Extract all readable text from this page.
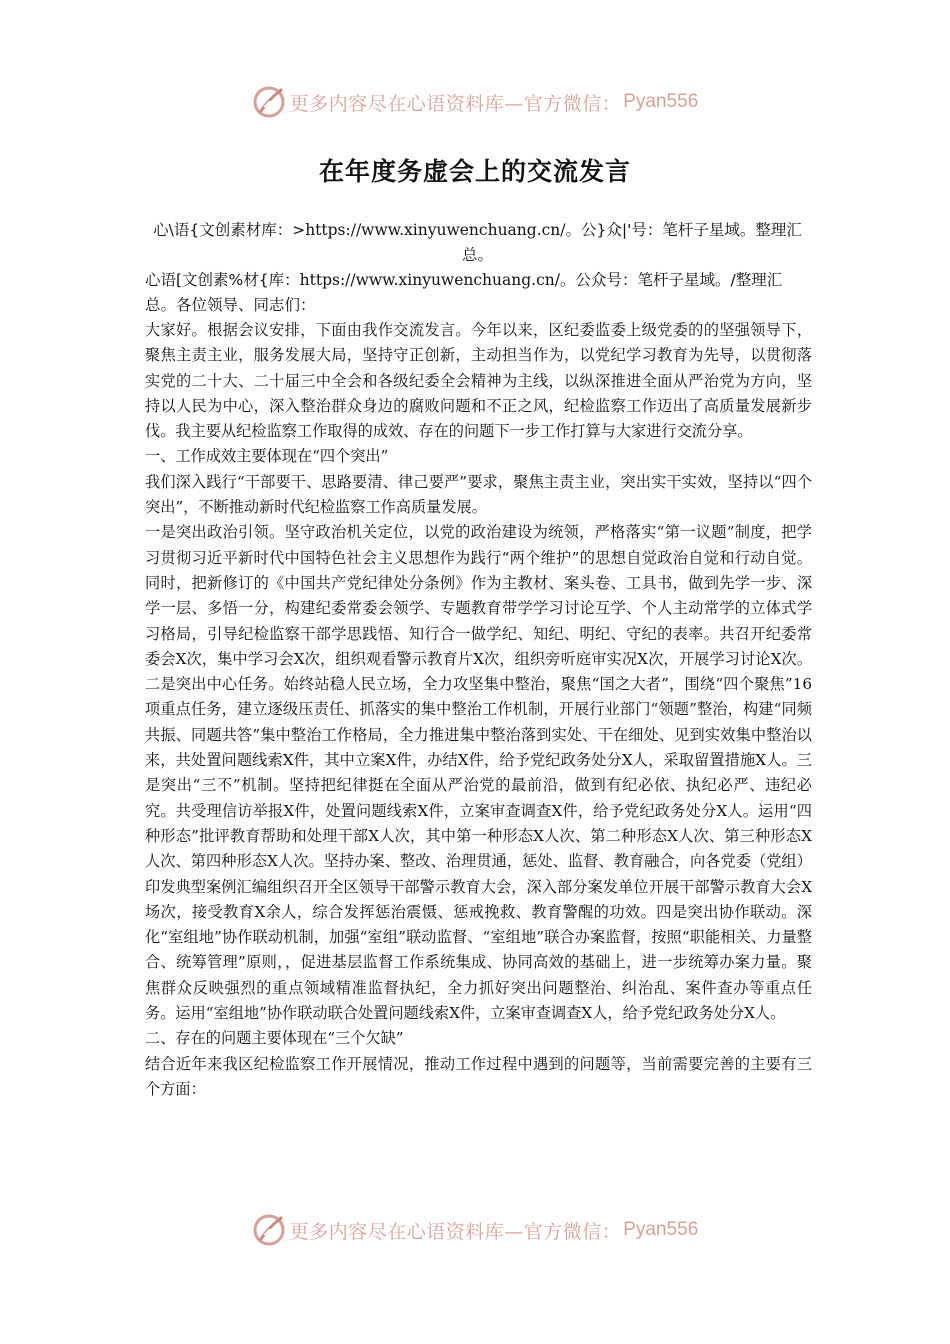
更多内容尽在心语资料库—官方微信： Pyan556
在年度务虚会上的交流发言
心\语{文创素材库：>https://www.xinyuwenchuang.cn/。公}众|'号：笔杆子星域。整理汇总。
心语[文创素%材{库：https://www.xinyuwenchuang.cn/。公众号：笔杆子星域。/整理汇总。各位领导、同志们：

大家好。根据会议安排，下面由我作交流发言。今年以来，区纪委监委上级党委的的坚强领导下，聚焦主责主业，服务发展大局，坚持守正创新，主动担当作为，以党纪学习教育为先导，以贯彻落实党的二十大、二十届三中全会和各级纪委全会精神为主线，以纵深推进全面从严治党为方向，坚持以人民为中心，深入整治群众身边的腐败问题和不正之风，纪检监察工作迈出了高质量发展新步伐。我主要从纪检监察工作取得的成效、存在的问题下一步工作打算与大家进行交流分享。

一、工作成效主要体现在“四个突出”

我们深入践行“干部要干、思路要清、律己要严”要求，聚焦主责主业，突出实干实效，坚持以“四个突出”，不断推动新时代纪检监察工作高质量发展。

一是突出政治引领。坚守政治机关定位，以党的政治建设为统领，严格落实“第一议题”制度，把学习贯彻习近平新时代中国特色社会主义思想作为践行“两个维护”的思想自觉政治自觉和行动自觉。同时，把新修订的《中国共产党纪律处分条例》作为主教材、案头卷、工具书，做到先学一步、深学一层、多悟一分，构建纪委常委会领学、专题教育带学学习讨论互学、个人主动常学的立体式学习格局，引导纪检监察干部学思践悟、知行合一做学纪、知纪、明纪、守纪的表率。共召开纪委常委会X次，集中学习会X次，组织观看警示教育片X次，组织旁听庭审实况X次，开展学习讨论X次。二是突出中心任务。始终站稳人民立场，全力攻坚集中整治，聚焦“国之大者”，围绕“四个聚焦”16项重点任务，建立逐级压责任、抓落实的集中整治工作机制，开展行业部门“领题”整治，构建“同频共振、同题共答”集中整治工作格局，全力推进集中整治落到实处、干在细处、见到实效集中整治以来，共处置问题线索X件，其中立案X件，办结X件，给予党纪政务处分X人，采取留置措施X人。三是突出“三不”机制。坚持把纪律挺在全面从严治党的最前沿，做到有纪必依、执纪必严、违纪必究。共受理信访举报X件，处置问题线索X件，立案审查调查X件，给予党纪政务处分X人。运用“四种形态”批评教育帮助和处理干部X人次，其中第一种形态X人次、第二种形态X人次、第三种形态X人次、第四种形态X人次。坚持办案、整改、治理贯通，惩处、监督、教育融合，向各党委（党组）印发典型案例汇编组织召开全区领导干部警示教育大会，深入部分案发单位开展干部警示教育大会X场次，接受教育X余人，综合发挥惩治震慑、惩戒挽救、教育警醒的功效。四是突出协作联动。深化“室组地”协作联动机制，加强“室组”联动监督、“室组地”联合办案监督，按照“职能相关、力量整合、统筹管理”原则，，促进基层监督工作系统集成、协同高效的基础上，进一步统筹办案力量。聚焦群众反映强烈的重点领域精准监督执纪，全力抓好突出问题整治、纠治乱、案件查办等重点任务。运用“室组地”协作联动联合处置问题线索X件，立案审查调查X人，给予党纪政务处分X人。

二、存在的问题主要体现在“三个欠缺”

结合近年来我区纪检监察工作开展情况，推动工作过程中遇到的问题等，当前需要完善的主要有三个方面：

更多内容尽在心语资料库—官方微信： Pyan556
